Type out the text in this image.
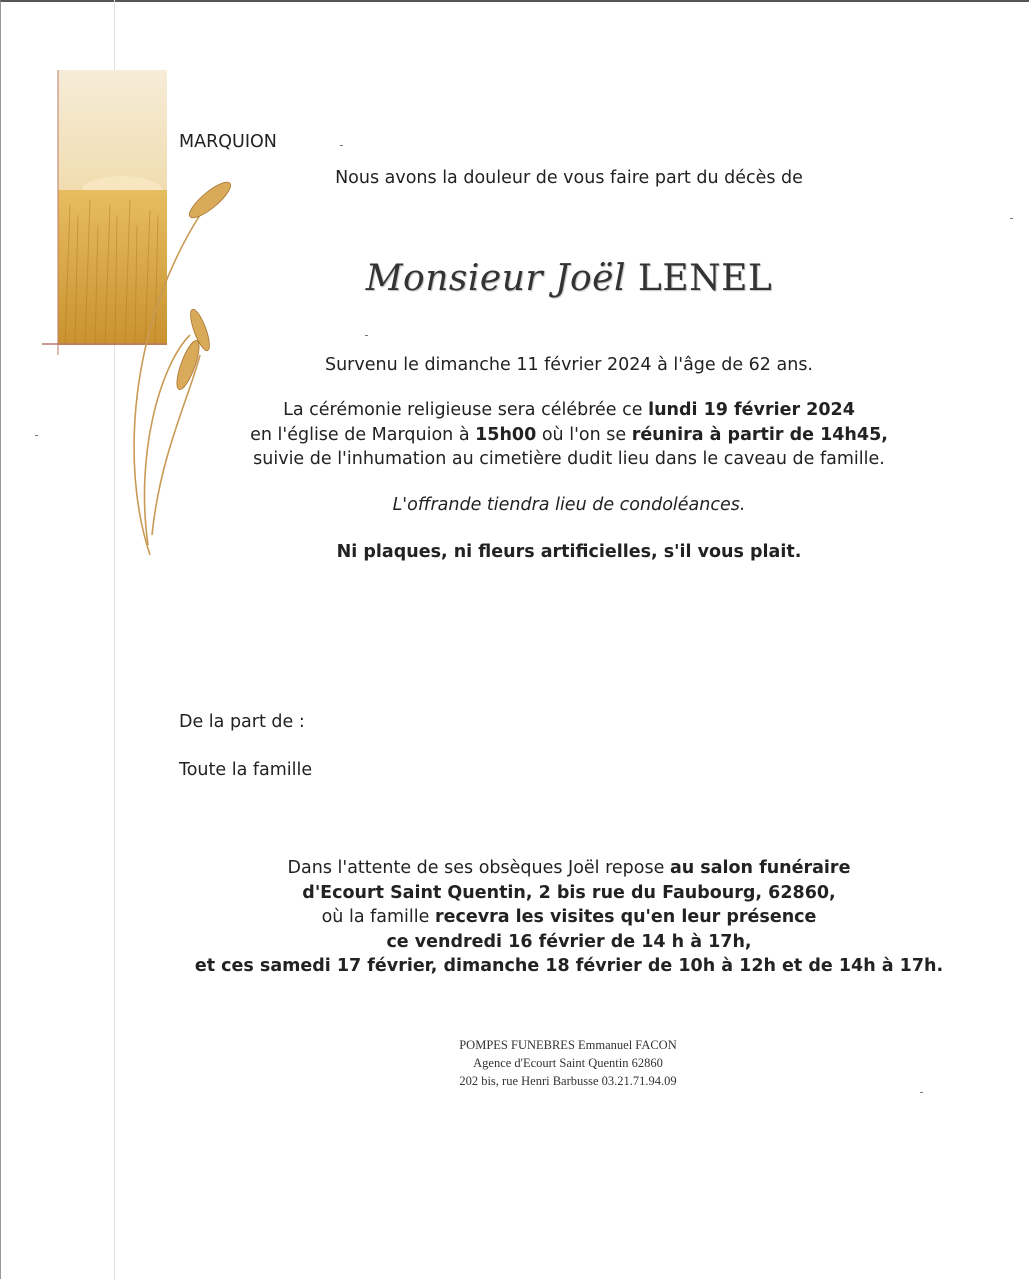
MARQUION
Nous avons la douleur de vous faire part du décès de
Monsieur Joël LENEL
Survenu le dimanche 11 février 2024 à l'âge de 62 ans.
La cérémonie religieuse sera célébrée ce lundi 19 février 2024
en l'église de Marquion à 15h00 où l'on se réunira à partir de 14h45,
suivie de l'inhumation au cimetière dudit lieu dans le caveau de famille.
L'offrande tiendra lieu de condoléances.
Ni plaques, ni fleurs artificielles, s'il vous plait.
De la part de :
Toute la famille
Dans l'attente de ses obsèques Joël repose au salon funéraire
d'Ecourt Saint Quentin, 2 bis rue du Faubourg, 62860,
où la famille recevra les visites qu'en leur présence
ce vendredi 16 février de 14 h à 17h,
et ces samedi 17 février, dimanche 18 février de 10h à 12h et de 14h à 17h.
POMPES FUNEBRES Emmanuel FACON
Agence d'Ecourt Saint Quentin 62860
202 bis, rue Henri Barbusse 03.21.71.94.09
